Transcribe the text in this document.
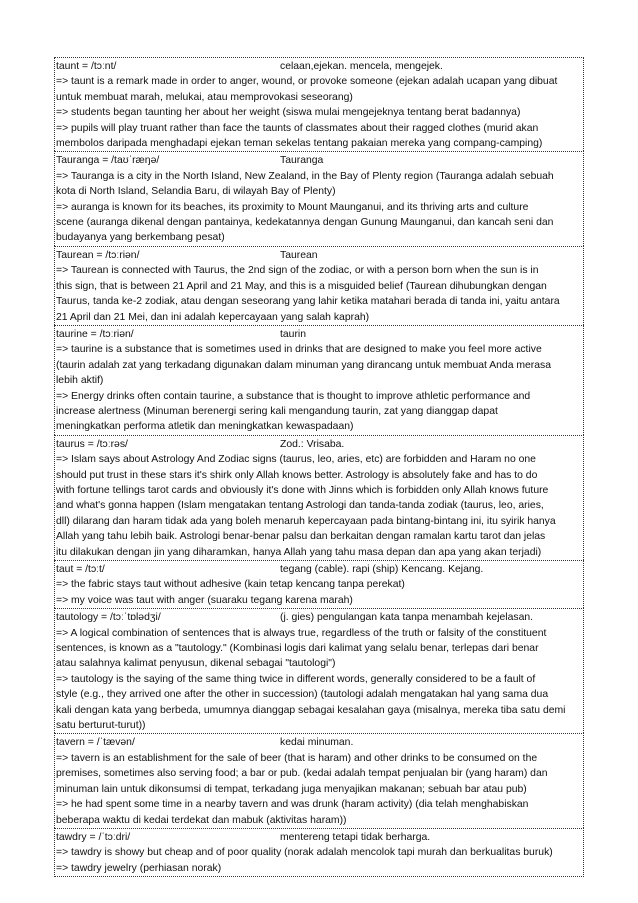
taunt = /tɔːnt/	celaan,ejekan. mencela, mengejek.
=> taunt is a remark made in order to anger, wound, or provoke someone (ejekan adalah ucapan yang dibuat
untuk membuat marah, melukai, atau memprovokasi seseorang)
=> students began taunting her about her weight (siswa mulai mengejeknya tentang berat badannya)
=> pupils will play truant rather than face the taunts of classmates about their ragged clothes (murid akan
membolos daripada menghadapi ejekan teman sekelas tentang pakaian mereka yang compang-camping)
Tauranga = /taʊˈræŋə/	Tauranga
=> Tauranga is a city in the North Island, New Zealand, in the Bay of Plenty region (Tauranga adalah sebuah
kota di North Island, Selandia Baru, di wilayah Bay of Plenty)
=> auranga is known for its beaches, its proximity to Mount Maunganui, and its thriving arts and culture
scene (auranga dikenal dengan pantainya, kedekatannya dengan Gunung Maunganui, dan kancah seni dan
budayanya yang berkembang pesat)
Taurean = /tɔːriən/	Taurean
=> Taurean is connected with Taurus, the 2nd sign of the zodiac, or with a person born when the sun is in
this sign, that is between 21 April and 21 May, and this is a misguided belief (Taurean dihubungkan dengan
Taurus, tanda ke-2 zodiak, atau dengan seseorang yang lahir ketika matahari berada di tanda ini, yaitu antara
21 April dan 21 Mei, dan ini adalah kepercayaan yang salah kaprah)
taurine = /tɔːriən/	taurin
=> taurine is a substance that is sometimes used in drinks that are designed to make you feel more active
(taurin adalah zat yang terkadang digunakan dalam minuman yang dirancang untuk membuat Anda merasa
lebih aktif)
=> Energy drinks often contain taurine, a substance that is thought to improve athletic performance and
increase alertness (Minuman berenergi sering kali mengandung taurin, zat yang dianggap dapat
meningkatkan performa atletik dan meningkatkan kewaspadaan)
taurus = /tɔːrəs/	Zod.: Vrisaba.
=> Islam says about Astrology And Zodiac signs (taurus, leo, aries, etc) are forbidden and Haram no one
should put trust in these stars it's shirk only Allah knows better. Astrology is absolutely fake and has to do
with fortune tellings tarot cards and obviously it's done with Jinns which is forbidden only Allah knows future
and what's gonna happen (Islam mengatakan tentang Astrologi dan tanda-tanda zodiak (taurus, leo, aries,
dll) dilarang dan haram tidak ada yang boleh menaruh kepercayaan pada bintang-bintang ini, itu syirik hanya
Allah yang tahu lebih baik. Astrologi benar-benar palsu dan berkaitan dengan ramalan kartu tarot dan jelas
itu dilakukan dengan jin yang diharamkan, hanya Allah yang tahu masa depan dan apa yang akan terjadi)
taut = /tɔːt/	tegang (cable). rapi (ship) Kencang. Kejang.
=> the fabric stays taut without adhesive (kain tetap kencang tanpa perekat)
=> my voice was taut with anger (suaraku tegang karena marah)
tautology = /tɔːˈtɒlədʒi/	(j. gies) pengulangan kata tanpa menambah kejelasan.
=> A logical combination of sentences that is always true, regardless of the truth or falsity of the constituent
sentences, is known as a "tautology." (Kombinasi logis dari kalimat yang selalu benar, terlepas dari benar
atau salahnya kalimat penyusun, dikenal sebagai "tautologi")
=> tautology is the saying of the same thing twice in different words, generally considered to be a fault of
style (e.g., they arrived one after the other in succession) (tautologi adalah mengatakan hal yang sama dua
kali dengan kata yang berbeda, umumnya dianggap sebagai kesalahan gaya (misalnya, mereka tiba satu demi
satu berturut-turut))
tavern = /ˈtævən/	kedai minuman.
=> tavern is an establishment for the sale of beer (that is haram) and other drinks to be consumed on the
premises, sometimes also serving food; a bar or pub. (kedai adalah tempat penjualan bir (yang haram) dan
minuman lain untuk dikonsumsi di tempat, terkadang juga menyajikan makanan; sebuah bar atau pub)
=> he had spent some time in a nearby tavern and was drunk (haram activity) (dia telah menghabiskan
beberapa waktu di kedai terdekat dan mabuk (aktivitas haram))
tawdry = /ˈtɔːdri/	mentereng tetapi tidak berharga.
=> tawdry is showy but cheap and of poor quality (norak adalah mencolok tapi murah dan berkualitas buruk)
=> tawdry jewelry (perhiasan norak)
